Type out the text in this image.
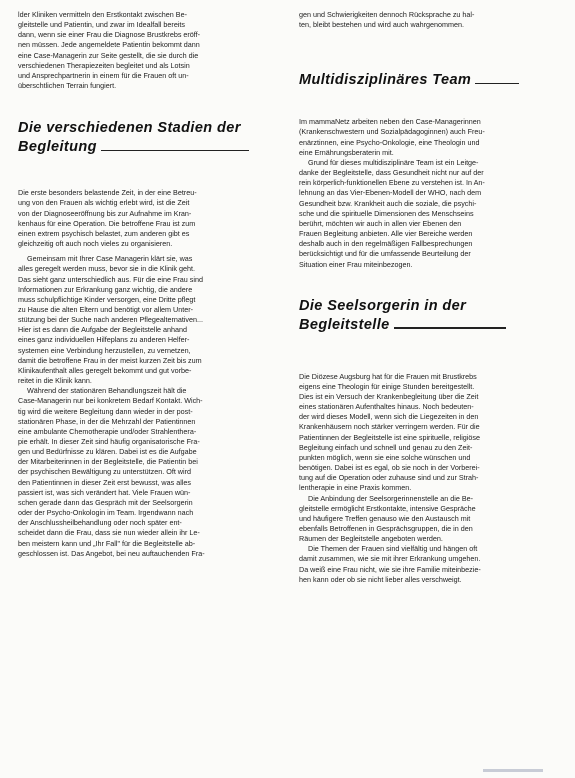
lder Kliniken vermitteln den Erstkontakt zwischen Be-
gleitstelle und Patientin, und zwar im Idealfall bereits
dann, wenn sie einer Frau die Diagnose Brustkrebs eröff-
nen müssen. Jede angemeldete Patientin bekommt dann
eine Case-Managerin zur Seite gestellt, die sie durch die
verschiedenen Therapiezeiten begleitet und als Lotsin
und Ansprechpartnerin in einem für die Frauen oft un-
überschtlichen Terrain fungiert.

Die verschiedenen Stadien der
Begleitung

Die erste besonders belastende Zeit, in der eine Betreu-
ung von den Frauen als wichtig erlebt wird, ist die Zeit
von der Diagnoseeröffnung bis zur Aufnahme im Kran-
kenhaus für eine Operation. Die betroffene Frau ist zum
einen extrem psychisch belastet, zum anderen gibt es
gleichzeitig oft auch noch vieles zu organisieren.

Gemeinsam mit Ihrer Case Managerin klärt sie, was
alles geregelt werden muss, bevor sie in die Klinik geht.
Das sieht ganz unterschiedlich aus. Für die eine Frau sind
Informationen zur Erkrankung ganz wichtig, die andere
muss schulpflichtige Kinder versorgen, eine Dritte pflegt
zu Hause die alten Eltern und benötigt vor allem Unter-
stützung bei der Suche nach anderen Pflegealternativen...
Hier ist es dann die Aufgabe der Begleitstelle anhand
eines ganz individuellen Hilfeplans zu anderen Helfer-
systemen eine Verbindung herzustellen, zu vernetzen,
damit die betroffene Frau in der meist kurzen Zeit bis zum
Klinikaufenthalt alles geregelt bekommt und gut vorbe-
reitet in die Klinik kann.

Während der stationären Behandlungszeit hält die
Case-Managerin nur bei konkretem Bedarf Kontakt. Wich-
tig wird die weitere Begleitung dann wieder in der post-
stationären Phase, in der die Mehrzahl der Patientinnen
eine ambulante Chemotherapie und/oder Strahlenthera-
pie erhält. In dieser Zeit sind häufig organisatorische Fra-
gen und Bedürfnisse zu klären. Dabei ist es die Aufgabe
der Mitarbeiterinnen in der Begleitstelle, die Patientin bei
der psychischen Bewältigung zu unterstützen. Oft wird
den Patientinnen in dieser Zeit erst bewusst, was alles
passiert ist, was sich verändert hat. Viele Frauen wün-
schen gerade dann das Gespräch mit der Seelsorgerin
oder der Psycho-Onkologin im Team. Irgendwann nach
der Anschlussheilbehandlung oder noch später ent-
scheidet dann die Frau, dass sie nun wieder allein ihr Le-
ben meistern kann und „Ihr Fall" für die Begleitstelle ab-
geschlossen ist. Das Angebot, bei neu auftauchenden Fra-

gen und Schwierigkeiten dennoch Rücksprache zu hal-
ten, bleibt bestehen und wird auch wahrgenommen.

Multidisziplinäres Team

Im mammaNetz arbeiten neben den Case-Managerinnen
(Krankenschwestern und Sozialpädagoginnen) auch Freu-
enärztinnen, eine Psycho-Onkologie, eine Theologin und
eine Ernährungsberaterin mit.

Grund für dieses multidisziplinäre Team ist ein Leitge-
danke der Begleitstelle, dass Gesundheit nicht nur auf der
rein körperlich-funktionellen Ebene zu verstehen ist. In An-
lehnung an das Vier-Ebenen-Modell der WHO, nach dem
Gesundheit bzw. Krankheit auch die soziale, die psychi-
sche und die spirituelle Dimensionen des Menschseins
berührt, möchten wir auch in allen vier Ebenen den
Frauen Begleitung anbieten. Alle vier Bereiche werden
deshalb auch in den regelmäßigen Fallbesprechungen
berücksichtigt und für die umfassende Beurteilung der
Situation einer Frau miteinbezogen.

Die Seelsorgerin in der
Begleitstelle

Die Diözese Augsburg hat für die Frauen mit Brustkrebs
eigens eine Theologin für einige Stunden bereitgestellt.
Dies ist ein Versuch der Krankenbegleitung über die Zeit
eines stationären Aufenthaltes hinaus. Noch bedeuten-
der wird dieses Modell, wenn sich die Liegezeiten in den
Krankenhäusern noch stärker verringern werden. Für die
Patientinnen der Begleitstelle ist eine spirituelle, religiöse
Begleitung einfach und schnell und genau zu den Zeit-
punkten möglich, wenn sie eine solche wünschen und
benötigen. Dabei ist es egal, ob sie noch in der Vorberei-
tung auf die Operation oder zuhause sind und zur Strah-
lentherapie in eine Praxis kommen.

Die Anbindung der Seelsorgerinnenstelle an die Be-
gleitstelle ermöglicht Erstkontakte, intensive Gespräche
und häufigere Treffen genauso wie den Austausch mit
ebenfalls Betroffenen in Gesprächsgruppen, die in den
Räumen der Begleitstelle angeboten werden.

Die Themen der Frauen sind vielfältig und hängen oft
damit zusammen, wie sie mit ihrer Erkrankung umgehen.
Da weiß eine Frau nicht, wie sie ihre Familie miteinbezie-
hen kann oder ob sie nicht lieber alles verschweigt.
